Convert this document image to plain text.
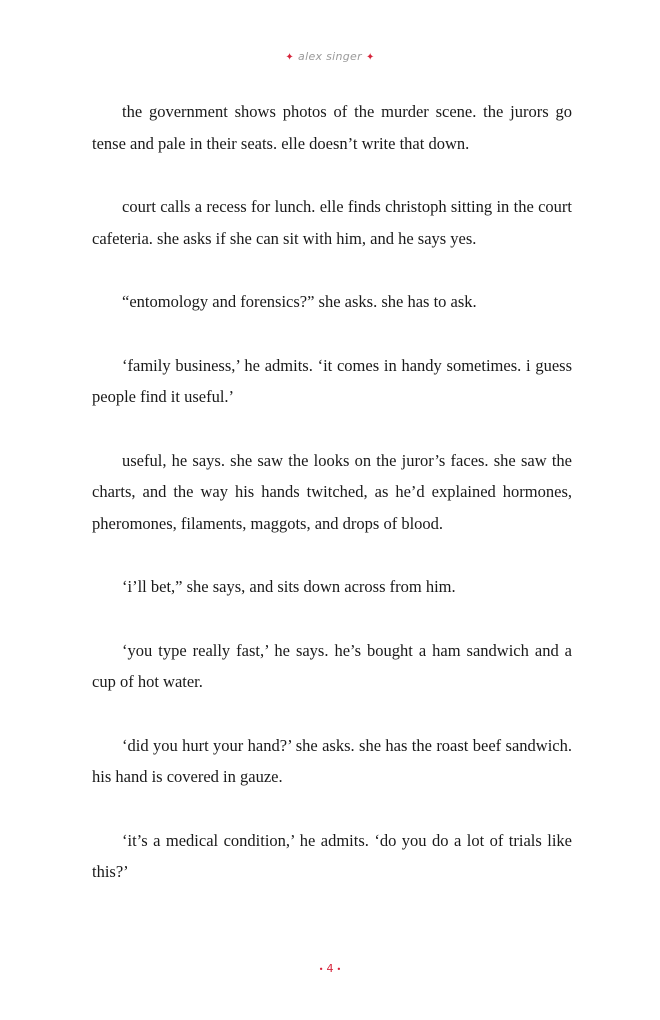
✦ alex singer ✦

the government shows photos of the murder scene. the jurors go tense and pale in their seats. elle doesn’t write that down.

court calls a recess for lunch. elle finds christoph sitting in the court cafeteria. she asks if she can sit with him, and he says yes.

“entomology and forensics?” she asks. she has to ask.

‘family business,’ he admits. ‘it comes in handy sometimes. i guess people find it useful.’

useful, he says. she saw the looks on the juror’s faces. she saw the charts, and the way his hands twitched, as he’d explained hormones, pheromones, filaments, maggots, and drops of blood.

‘i’ll bet,” she says, and sits down across from him.

‘you type really fast,’ he says. he’s bought a ham sandwich and a cup of hot water.

‘did you hurt your hand?’ she asks. she has the roast beef sandwich. his hand is covered in gauze.

‘it’s a medical condition,’ he admits. ‘do you do a lot of trials like this?’

• 4 •
